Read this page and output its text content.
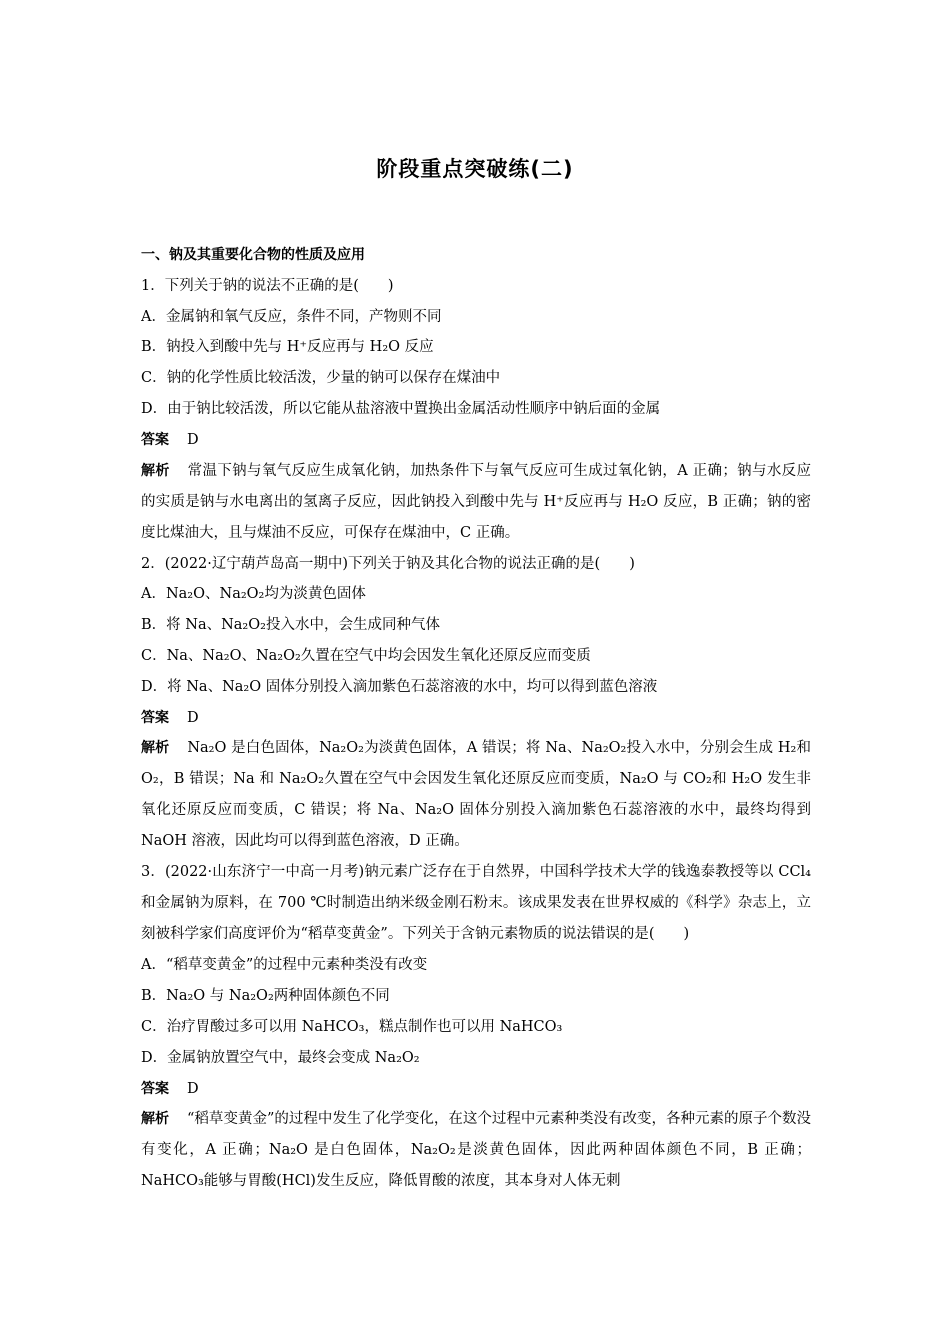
阶段重点突破练(二)
一、钠及其重要化合物的性质及应用
1．下列关于钠的说法不正确的是(　　)
A．金属钠和氧气反应，条件不同，产物则不同
B．钠投入到酸中先与 H⁺反应再与 H₂O 反应
C．钠的化学性质比较活泼，少量的钠可以保存在煤油中
D．由于钠比较活泼，所以它能从盐溶液中置换出金属活动性顺序中钠后面的金属
答案 D
解析 常温下钠与氧气反应生成氧化钠，加热条件下与氧气反应可生成过氧化钠，A 正确；钠与水反应的实质是钠与水电离出的氢离子反应，因此钠投入到酸中先与 H⁺反应再与 H₂O 反应，B 正确；钠的密度比煤油大，且与煤油不反应，可保存在煤油中，C 正确。
2．(2022·辽宁葫芦岛高一期中)下列关于钠及其化合物的说法正确的是(　　)
A．Na₂O、Na₂O₂均为淡黄色固体
B．将 Na、Na₂O₂投入水中，会生成同种气体
C．Na、Na₂O、Na₂O₂久置在空气中均会因发生氧化还原反应而变质
D．将 Na、Na₂O 固体分别投入滴加紫色石蕊溶液的水中，均可以得到蓝色溶液
答案 D
解析 Na₂O 是白色固体，Na₂O₂为淡黄色固体，A 错误；将 Na、Na₂O₂投入水中，分别会生成 H₂和 O₂，B 错误；Na 和 Na₂O₂久置在空气中会因发生氧化还原反应而变质，Na₂O 与 CO₂和 H₂O 发生非氧化还原反应而变质，C 错误；将 Na、Na₂O 固体分别投入滴加紫色石蕊溶液的水中，最终均得到 NaOH 溶液，因此均可以得到蓝色溶液，D 正确。
3．(2022·山东济宁一中高一月考)钠元素广泛存在于自然界，中国科学技术大学的钱逸泰教授等以 CCl₄和金属钠为原料，在 700 ℃时制造出纳米级金刚石粉末。该成果发表在世界权威的《科学》杂志上，立刻被科学家们高度评价为“稻草变黄金”。下列关于含钠元素物质的说法错误的是(　　)
A．“稻草变黄金”的过程中元素种类没有改变
B．Na₂O 与 Na₂O₂两种固体颜色不同
C．治疗胃酸过多可以用 NaHCO₃，糕点制作也可以用 NaHCO₃
D．金属钠放置空气中，最终会变成 Na₂O₂
答案 D
解析 “稻草变黄金”的过程中发生了化学变化，在这个过程中元素种类没有改变，各种元素的原子个数没有变化，A 正确；Na₂O 是白色固体，Na₂O₂是淡黄色固体，因此两种固体颜色不同，B 正确；NaHCO₃能够与胃酸(HCl)发生反应，降低胃酸的浓度，其本身对人体无刺
